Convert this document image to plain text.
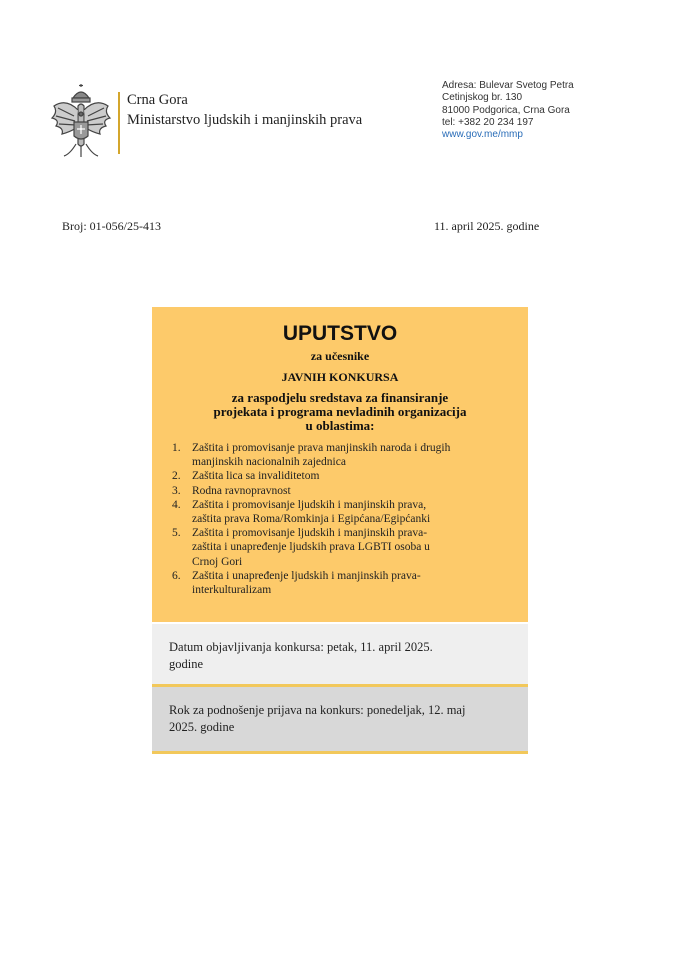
Crna Gora
Ministarstvo ljudskih i manjinskih prava
Adresa: Bulevar Svetog Petra
Cetinjskog br. 130
81000 Podgorica, Crna Gora
tel: +382 20 234 197
www.gov.me/mmp
Broj: 01-056/25-413	11. april 2025. godine
UPUTSTVO
za učesnike
JAVNIH KONKURSA
za raspodjelu sredstava za finansiranje
projekata i programa nevladinih organizacija
u oblastima:
1. Zaštita i promovisanje prava manjinskih naroda i drugih
manjinskih nacionalnih zajednica
2. Zaštita lica sa invaliditetom
3. Rodna ravnopravnost
4. Zaštita i promovisanje ljudskih i manjinskih prava,
zaštita prava Roma/Romkinja i Egipćana/Egipćanki
5. Zaštita i promovisanje ljudskih i manjinskih prava-
zaštita i unapređenje ljudskih prava LGBTI osoba u
Crnoj Gori
6. Zaštita i unapređenje ljudskih i manjinskih prava-
interkulturalizam
Datum objavljivanja konkursa: petak, 11. april 2025.
godine
Rok za podnošenje prijava na konkurs: ponedeljak, 12. maj
2025. godine
